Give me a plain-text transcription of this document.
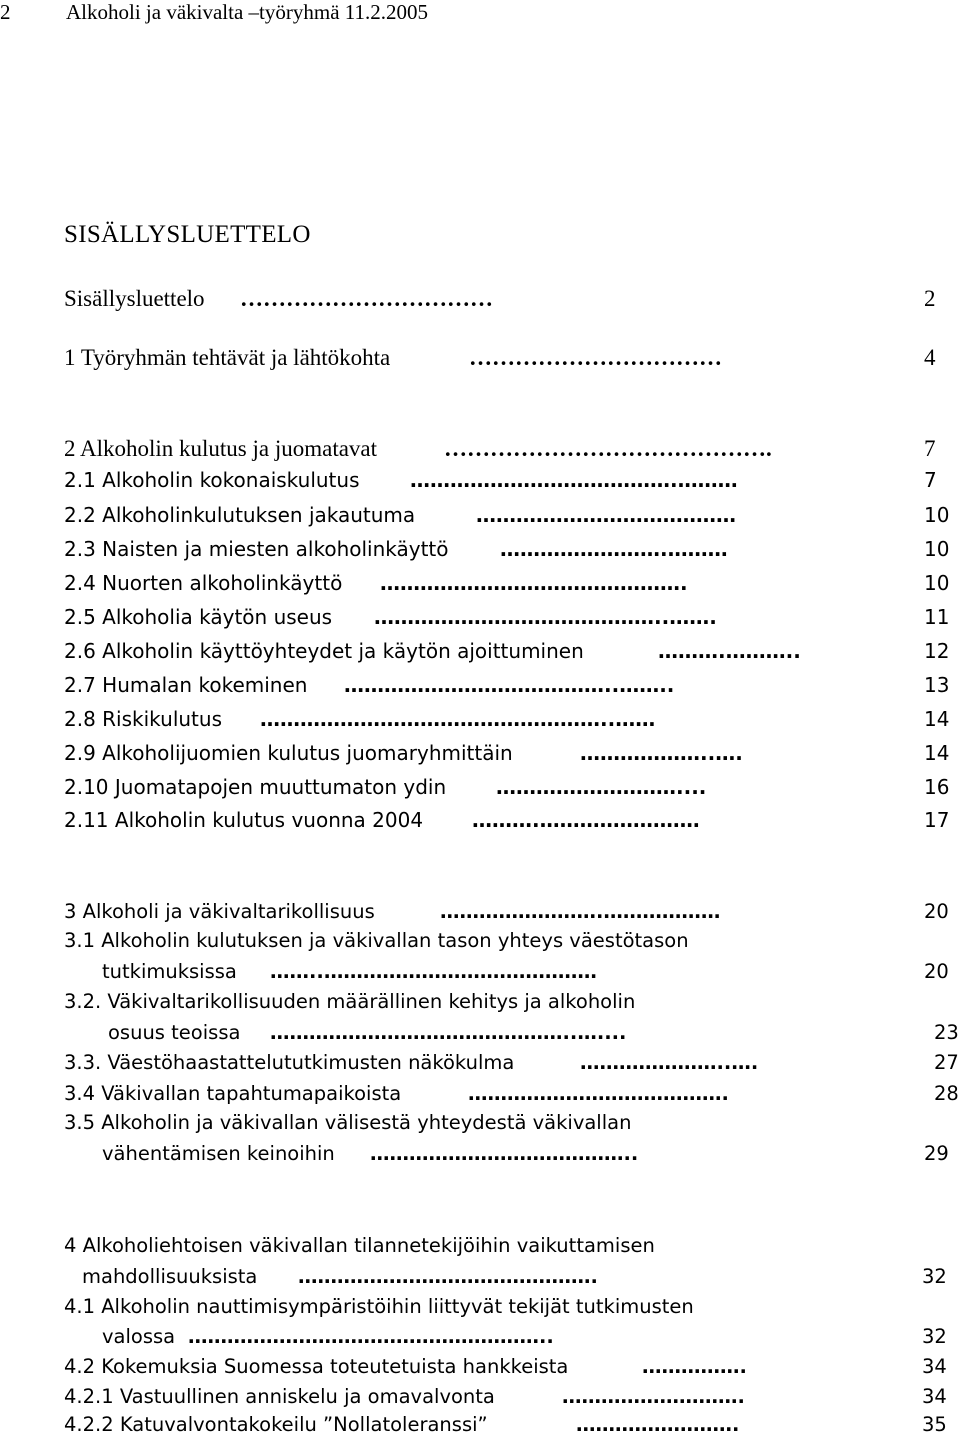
2	Alkoholi ja väkivalta –työryhmä 11.2.2005
SISÄLLYSLUETTELO
Sisällysluettelo ……………………………	2
1 Työryhmän tehtävät ja lähtökohta	……………………………	4
2 Alkoholin kulutus ja juomatavat	…………………………………….	7
2.1 Alkoholin kokonaiskulutus	………………………………….………	7
2.2 Alkoholinkulutuksen jakautuma	…………………………………	10
2.3 Naisten ja miesten alkoholinkäyttö	…………………….………	10
2.4 Nuorten alkoholinkäyttö ……………………………………….	10
2.5 Alkoholia käytön useus ……………………………………..…….	11
2.6 Alkoholin käyttöyhteydet ja käytön ajoittuminen	……….………..	12
2.7 Humalan kokeminen …………………………………..……..	13
2.8 Riskikulutus ……………………………………………..……	14
2.9 Alkoholijuomien kulutus juomaryhmittäin	………………..….	14
2.10 Juomatapojen muuttumaton ydin ………………………....	16
2.11 Alkoholin kulutus vuonna 2004 ……….……………………	17
3 Alkoholi ja väkivaltarikollisuus	…………………….………………	20
3.1 Alkoholin kulutuksen ja väkivallan tason yhteys väestötason
tutkimuksissa ……..……………………………………	20
3.2. Väkivaltarikollisuuden määrällinen kehitys ja alkoholin
osuus teoissa ………………………………………..…....	23
3.3. Väestöhaastattelututkimusten näkökulma	…………………..….	27
3.4 Väkivallan tapahtumapaikoista	………………………………….	28
3.5 Alkoholin ja väkivallan välisestä yhteydestä väkivallan
vähentämisen keinoihin …………………………………..	29
4 Alkoholiehtoisen väkivallan tilannetekijöihin vaikuttamisen
mahdollisuuksista ……………………………………….	32
4.1 Alkoholin nauttimisympäristöihin liittyvät tekijät tutkimusten
valossa ………………………………………………..	32
4.2 Kokemuksia Suomessa toteutetuista hankkeista	…………….	34
4.2.1 Vastuullinen anniskelu ja omavalvonta	……………………….	34
4.2.2 Katuvalvontakokeilu ”Nollatoleranssi”	…………………….	35
